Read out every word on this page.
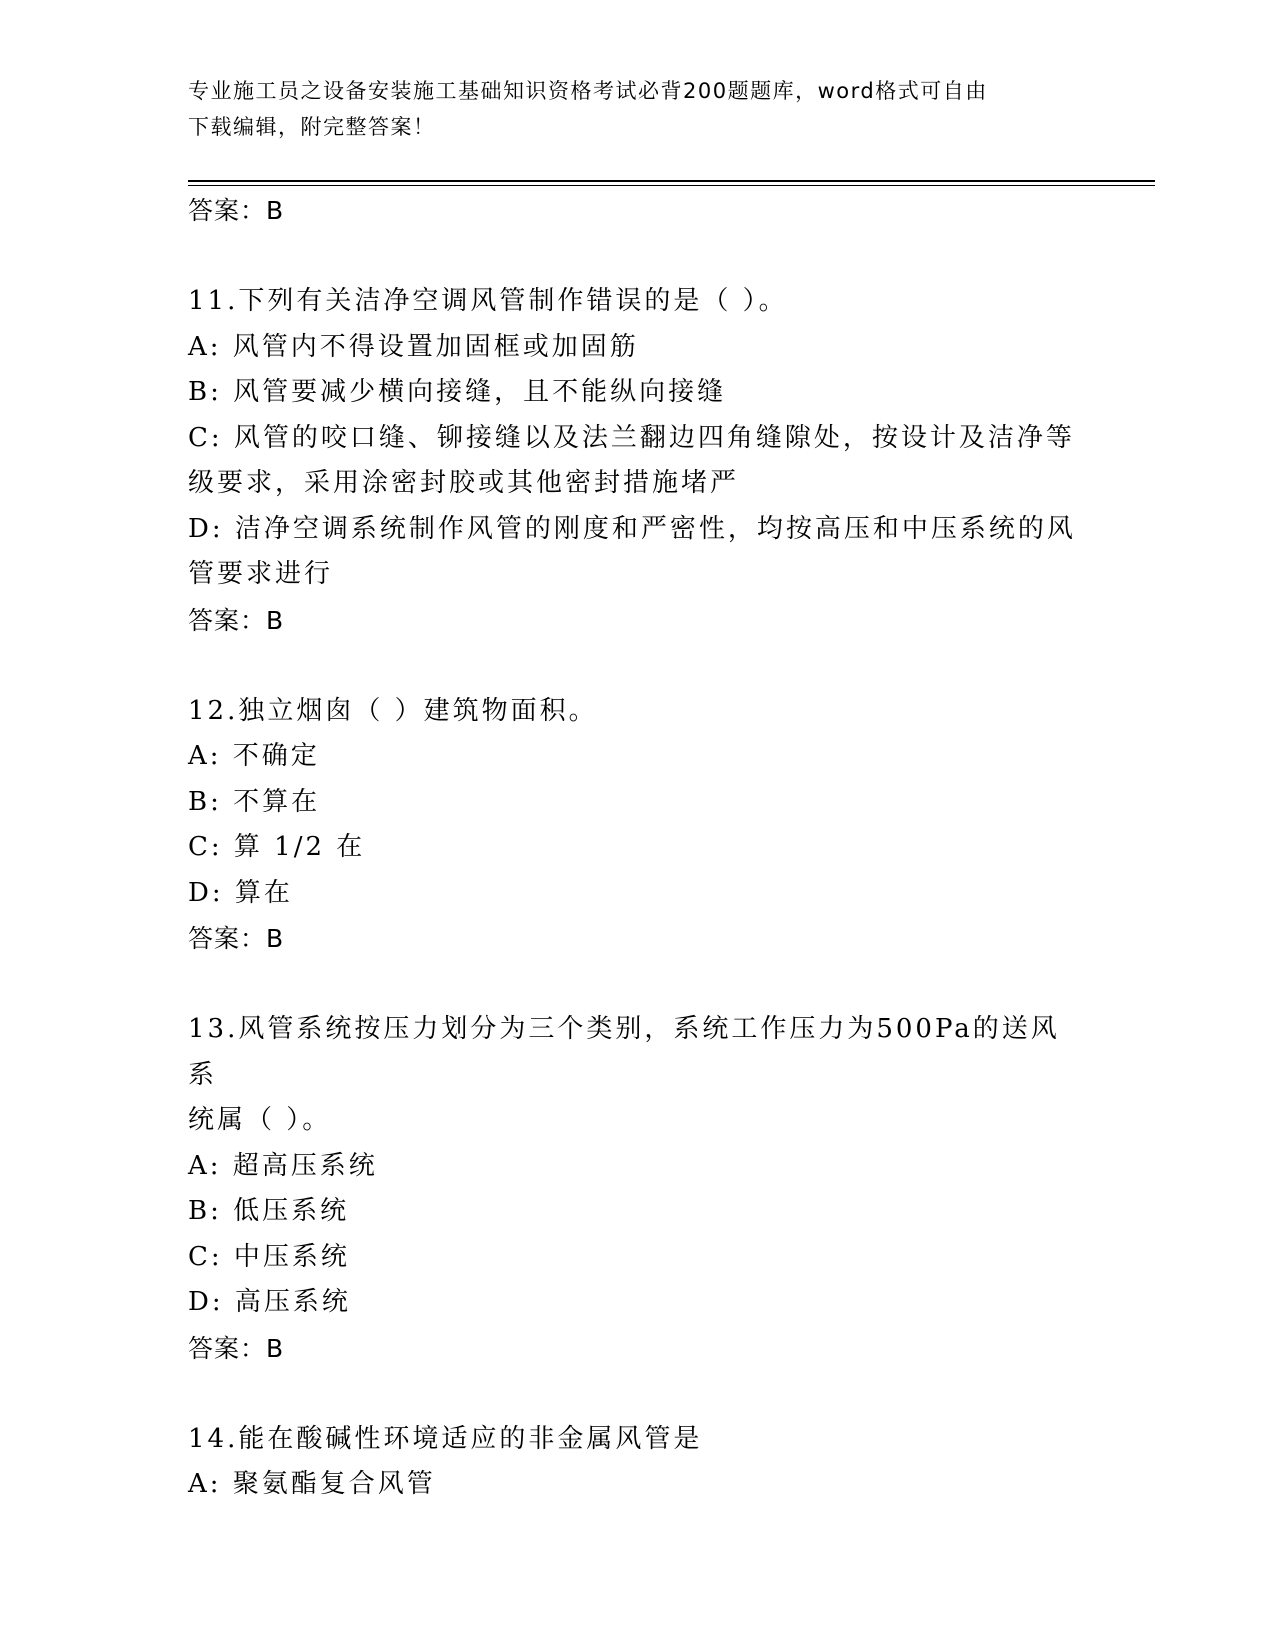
专业施工员之设备安装施工基础知识资格考试必背200题题库，word格式可自由
下载编辑，附完整答案！
答案：B
11.下列有关洁净空调风管制作错误的是（ ）。
A: 风管内不得设置加固框或加固筋
B: 风管要减少横向接缝，且不能纵向接缝
C: 风管的咬口缝、铆接缝以及法兰翻边四角缝隙处，按设计及洁净等
级要求，采用涂密封胶或其他密封措施堵严
D: 洁净空调系统制作风管的刚度和严密性，均按高压和中压系统的风
管要求进行
答案：B
12.独立烟囱（ ）建筑物面积。
A: 不确定
B: 不算在
C: 算 1/2 在
D: 算在
答案：B
13.风管系统按压力划分为三个类别，系统工作压力为500Pa的送风系
统属（ ）。
A: 超高压系统
B: 低压系统
C: 中压系统
D: 高压系统
答案：B
14.能在酸碱性环境适应的非金属风管是
A: 聚氨酯复合风管
